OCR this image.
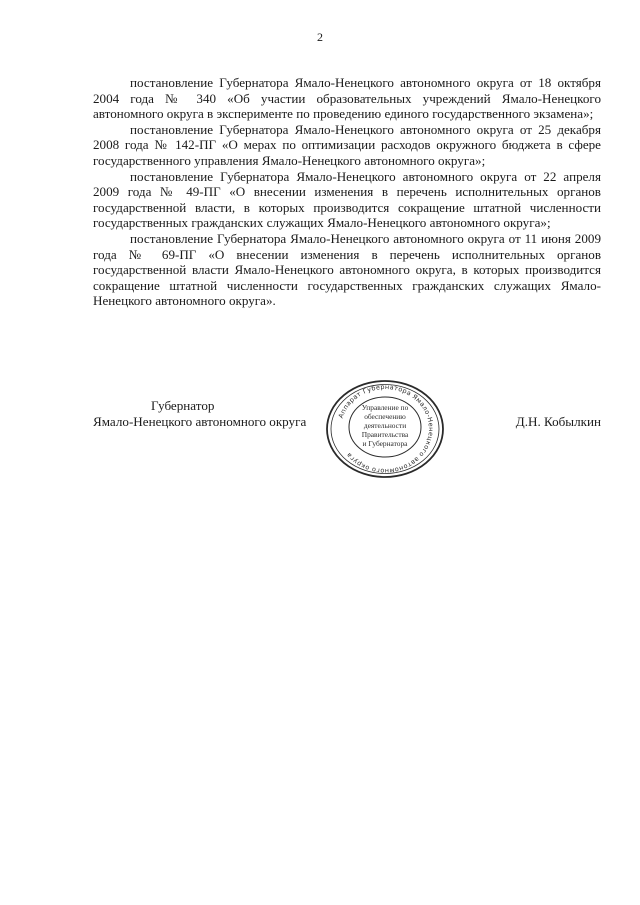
2

постановление Губернатора Ямало-Ненецкого автономного округа от 18 октября 2004 года № 340 «Об участии образовательных учреждений Ямало-Ненецкого автономного округа в эксперименте по проведению единого государственного экзамена»;

постановление Губернатора Ямало-Ненецкого автономного округа от 25 декабря 2008 года № 142-ПГ «О мерах по оптимизации расходов окружного бюджета в сфере государственного управления Ямало-Ненецкого автономного округа»;

постановление Губернатора Ямало-Ненецкого автономного округа от 22 апреля 2009 года № 49-ПГ «О внесении изменения в перечень исполнительных органов государственной власти, в которых производится сокращение штатной численности государственных гражданских служащих Ямало-Ненецкого автономного округа»;

постановление Губернатора Ямало-Ненецкого автономного округа от 11 июня 2009 года № 69-ПГ «О внесении изменения в перечень исполнительных органов государственной власти Ямало-Ненецкого автономного округа, в которых производится сокращение штатной численности государственных гражданских служащих Ямало-Ненецкого автономного округа».

Губернатор
Ямало-Ненецкого автономного округа	Аппарат Губернатора Ямало-Ненецкого автономного округа
Управление по
обеспечению
деятельности
Правительства
и Губернатора
Д.Н. Кобылкин
